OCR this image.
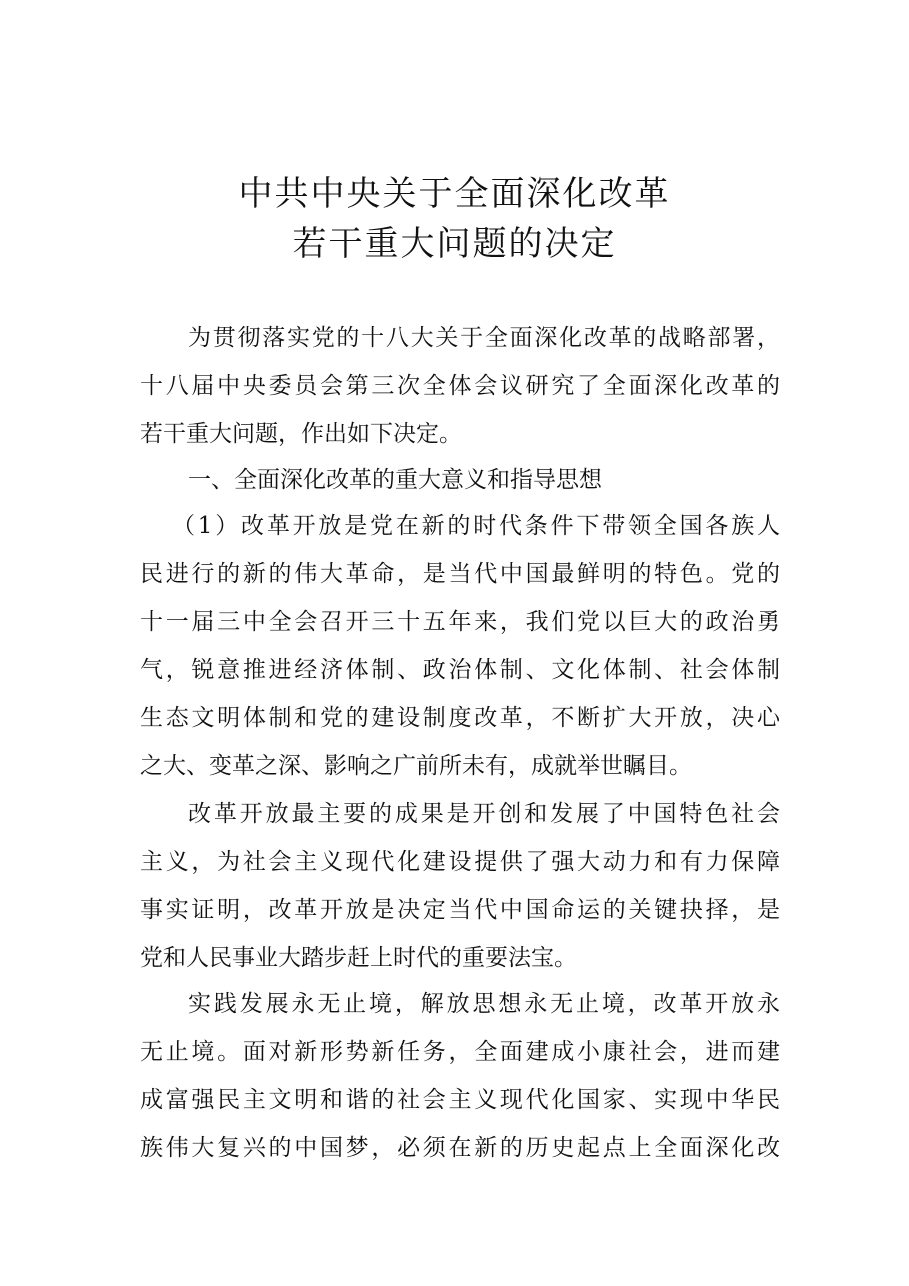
中共中央关于全面深化改革
若干重大问题的决定
为贯彻落实党的十八大关于全面深化改革的战略部署，
十八届中央委员会第三次全体会议研究了全面深化改革的
若干重大问题，作出如下决定。
一、全面深化改革的重大意义和指导思想
（1）改革开放是党在新的时代条件下带领全国各族人
民进行的新的伟大革命，是当代中国最鲜明的特色。党的
十一届三中全会召开三十五年来，我们党以巨大的政治勇
气，锐意推进经济体制、政治体制、文化体制、社会体制
生态文明体制和党的建设制度改革，不断扩大开放，决心
之大、变革之深、影响之广前所未有，成就举世瞩目。
改革开放最主要的成果是开创和发展了中国特色社会
主义，为社会主义现代化建设提供了强大动力和有力保障
事实证明，改革开放是决定当代中国命运的关键抉择，是
党和人民事业大踏步赶上时代的重要法宝。
实践发展永无止境，解放思想永无止境，改革开放永
无止境。面对新形势新任务，全面建成小康社会，进而建
成富强民主文明和谐的社会主义现代化国家、实现中华民
族伟大复兴的中国梦，必须在新的历史起点上全面深化改
